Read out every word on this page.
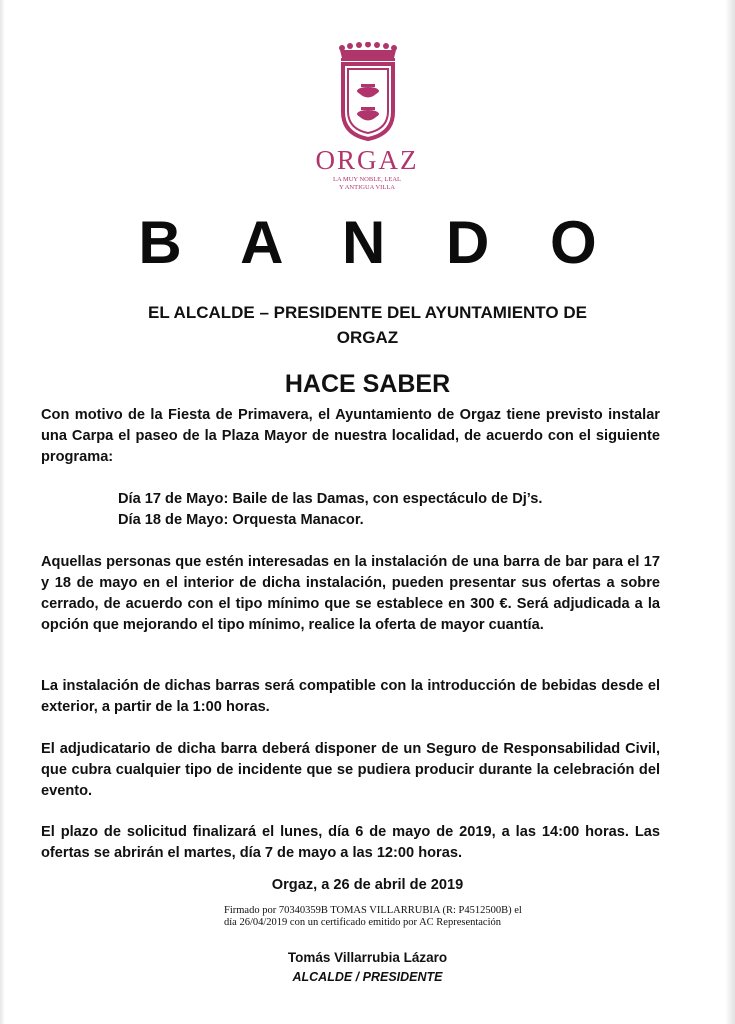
ORGAZ
LA MUY NOBLE, LEAL
Y ANTIGUA VILLA
B A N D O
EL ALCALDE – PRESIDENTE DEL AYUNTAMIENTO DE
ORGAZ
HACE SABER
Con motivo de la Fiesta de Primavera, el Ayuntamiento de Orgaz tiene previsto instalar una Carpa el paseo de la Plaza Mayor de nuestra localidad, de acuerdo con el siguiente programa:
Día 17 de Mayo: Baile de las Damas, con espectáculo de Dj’s.
Día 18 de Mayo: Orquesta Manacor.
Aquellas personas que estén interesadas en la instalación de una barra de bar para el 17 y 18 de mayo en el interior de dicha instalación, pueden presentar sus ofertas a sobre cerrado, de acuerdo con el tipo mínimo que se establece en 300 €. Será adjudicada a la opción que mejorando el tipo mínimo, realice la oferta de mayor cuantía.
La instalación de dichas barras será compatible con la introducción de bebidas desde el exterior, a partir de la 1:00 horas.
El adjudicatario de dicha barra deberá disponer de un Seguro de Responsabilidad Civil, que cubra cualquier tipo de incidente que se pudiera producir durante la celebración del evento.
El plazo de solicitud finalizará el lunes, día 6 de mayo de 2019, a las 14:00 horas. Las ofertas se abrirán el martes, día 7 de mayo a las 12:00 horas.
Orgaz, a 26 de abril de 2019
Firmado por 70340359B TOMAS VILLARRUBIA (R: P4512500B) el
día 26/04/2019 con un certificado emitido por AC Representación
Tomás Villarrubia Lázaro
ALCALDE / PRESIDENTE
